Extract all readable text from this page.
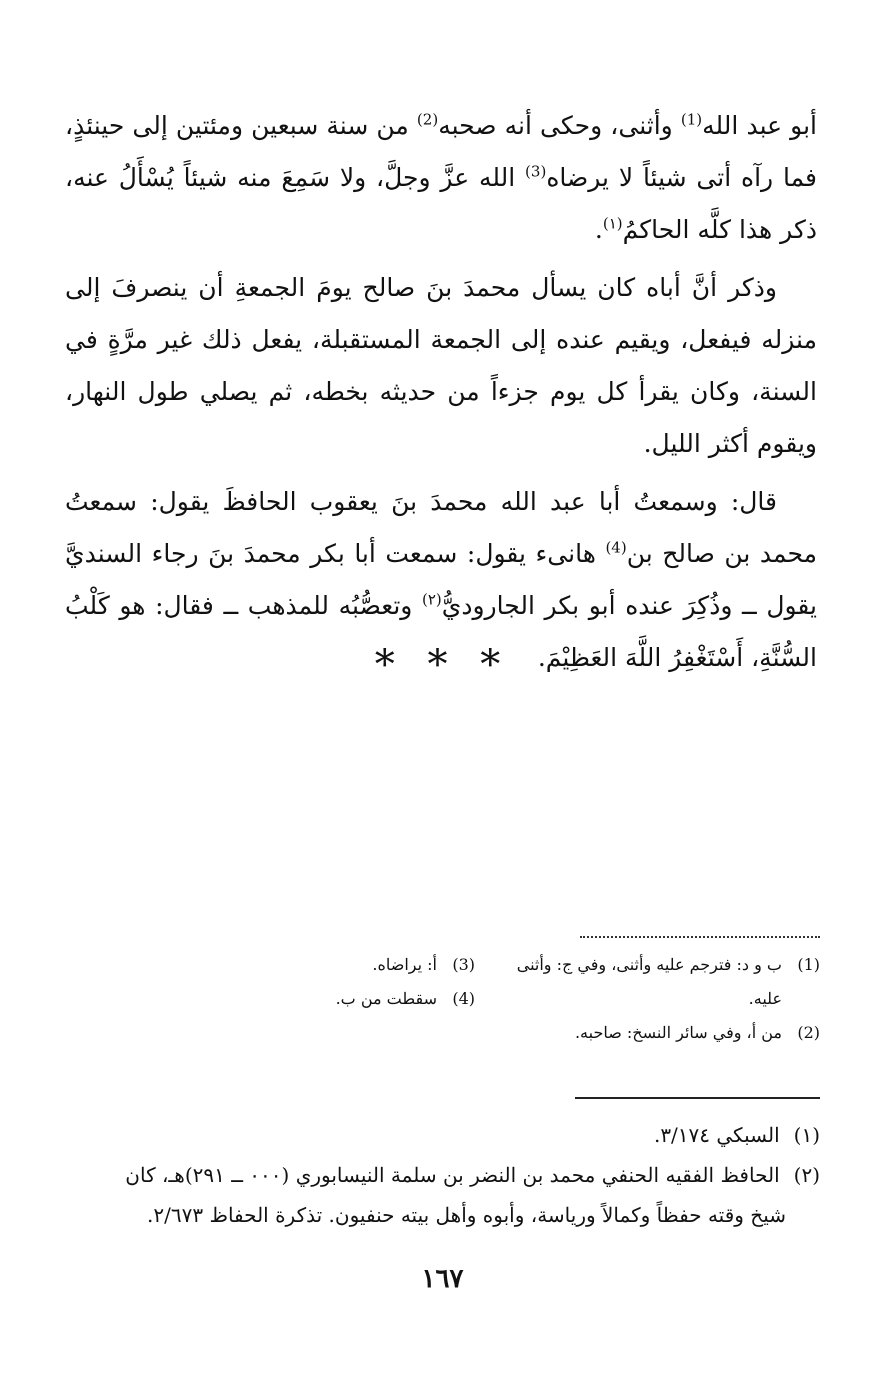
أبو عبد الله$^{(1)}$ وأثنى، وحكى أنه صحبه$^{(2)}$ من سنة سبعين ومئتين إلى حينئذٍ، فما رآه أتى شيئاً لا يرضاه$^{(3)}$ الله عزَّ وجلَّ، ولا سَمِعَ منه شيئاً يُسْأَلُ عنه، ذكر هذا كلَّه الحاكمُ$^{(١)}$.

وذكر أنَّ أباه كان يسأل محمدَ بنَ صالح يومَ الجمعةِ أن ينصرفَ إلى منزله فيفعل، ويقيم عنده إلى الجمعة المستقبلة، يفعل ذلك غير مرَّةٍ في السنة، وكان يقرأ كل يوم جزءاً من حديثه بخطه، ثم يصلي طول النهار، ويقوم أكثر الليل.

قال: وسمعتُ أبا عبد الله محمدَ بنَ يعقوب الحافظَ يقول: سمعتُ محمد بن صالح بن$^{(4)}$ هانىء يقول: سمعت أبا بكر محمدَ بنَ رجاء السنديَّ يقول ــ وذُكِرَ عنده أبو بكر الجاروديُّ$^{(٢)}$ وتعصُّبُه للمذهب ــ فقال: هو كَلْبُ السُّنَّةِ، أَسْتَغْفِرُ اللَّهَ العَظِيْمَ.

* * *
(1)
ب و د: فترجم عليه وأثنى، وفي ج: وأثنى
عليه.
(2)
من أ، وفي سائر النسخ: صاحبه.
(3)
أ: يراضاه.
(4)
سقطت من ب.

(١) السبكي ٣/١٧٤.

(٢) الحافظ الفقيه الحنفي محمد بن النضر بن سلمة النيسابوري (٠٠٠ ــ ٢٩١)هـ، كان

شيخ وقته حفظاً وكمالاً ورياسة، وأبوه وأهل بيته حنفيون. تذكرة الحفاظ ٢/٦٧٣.

١٦٧
